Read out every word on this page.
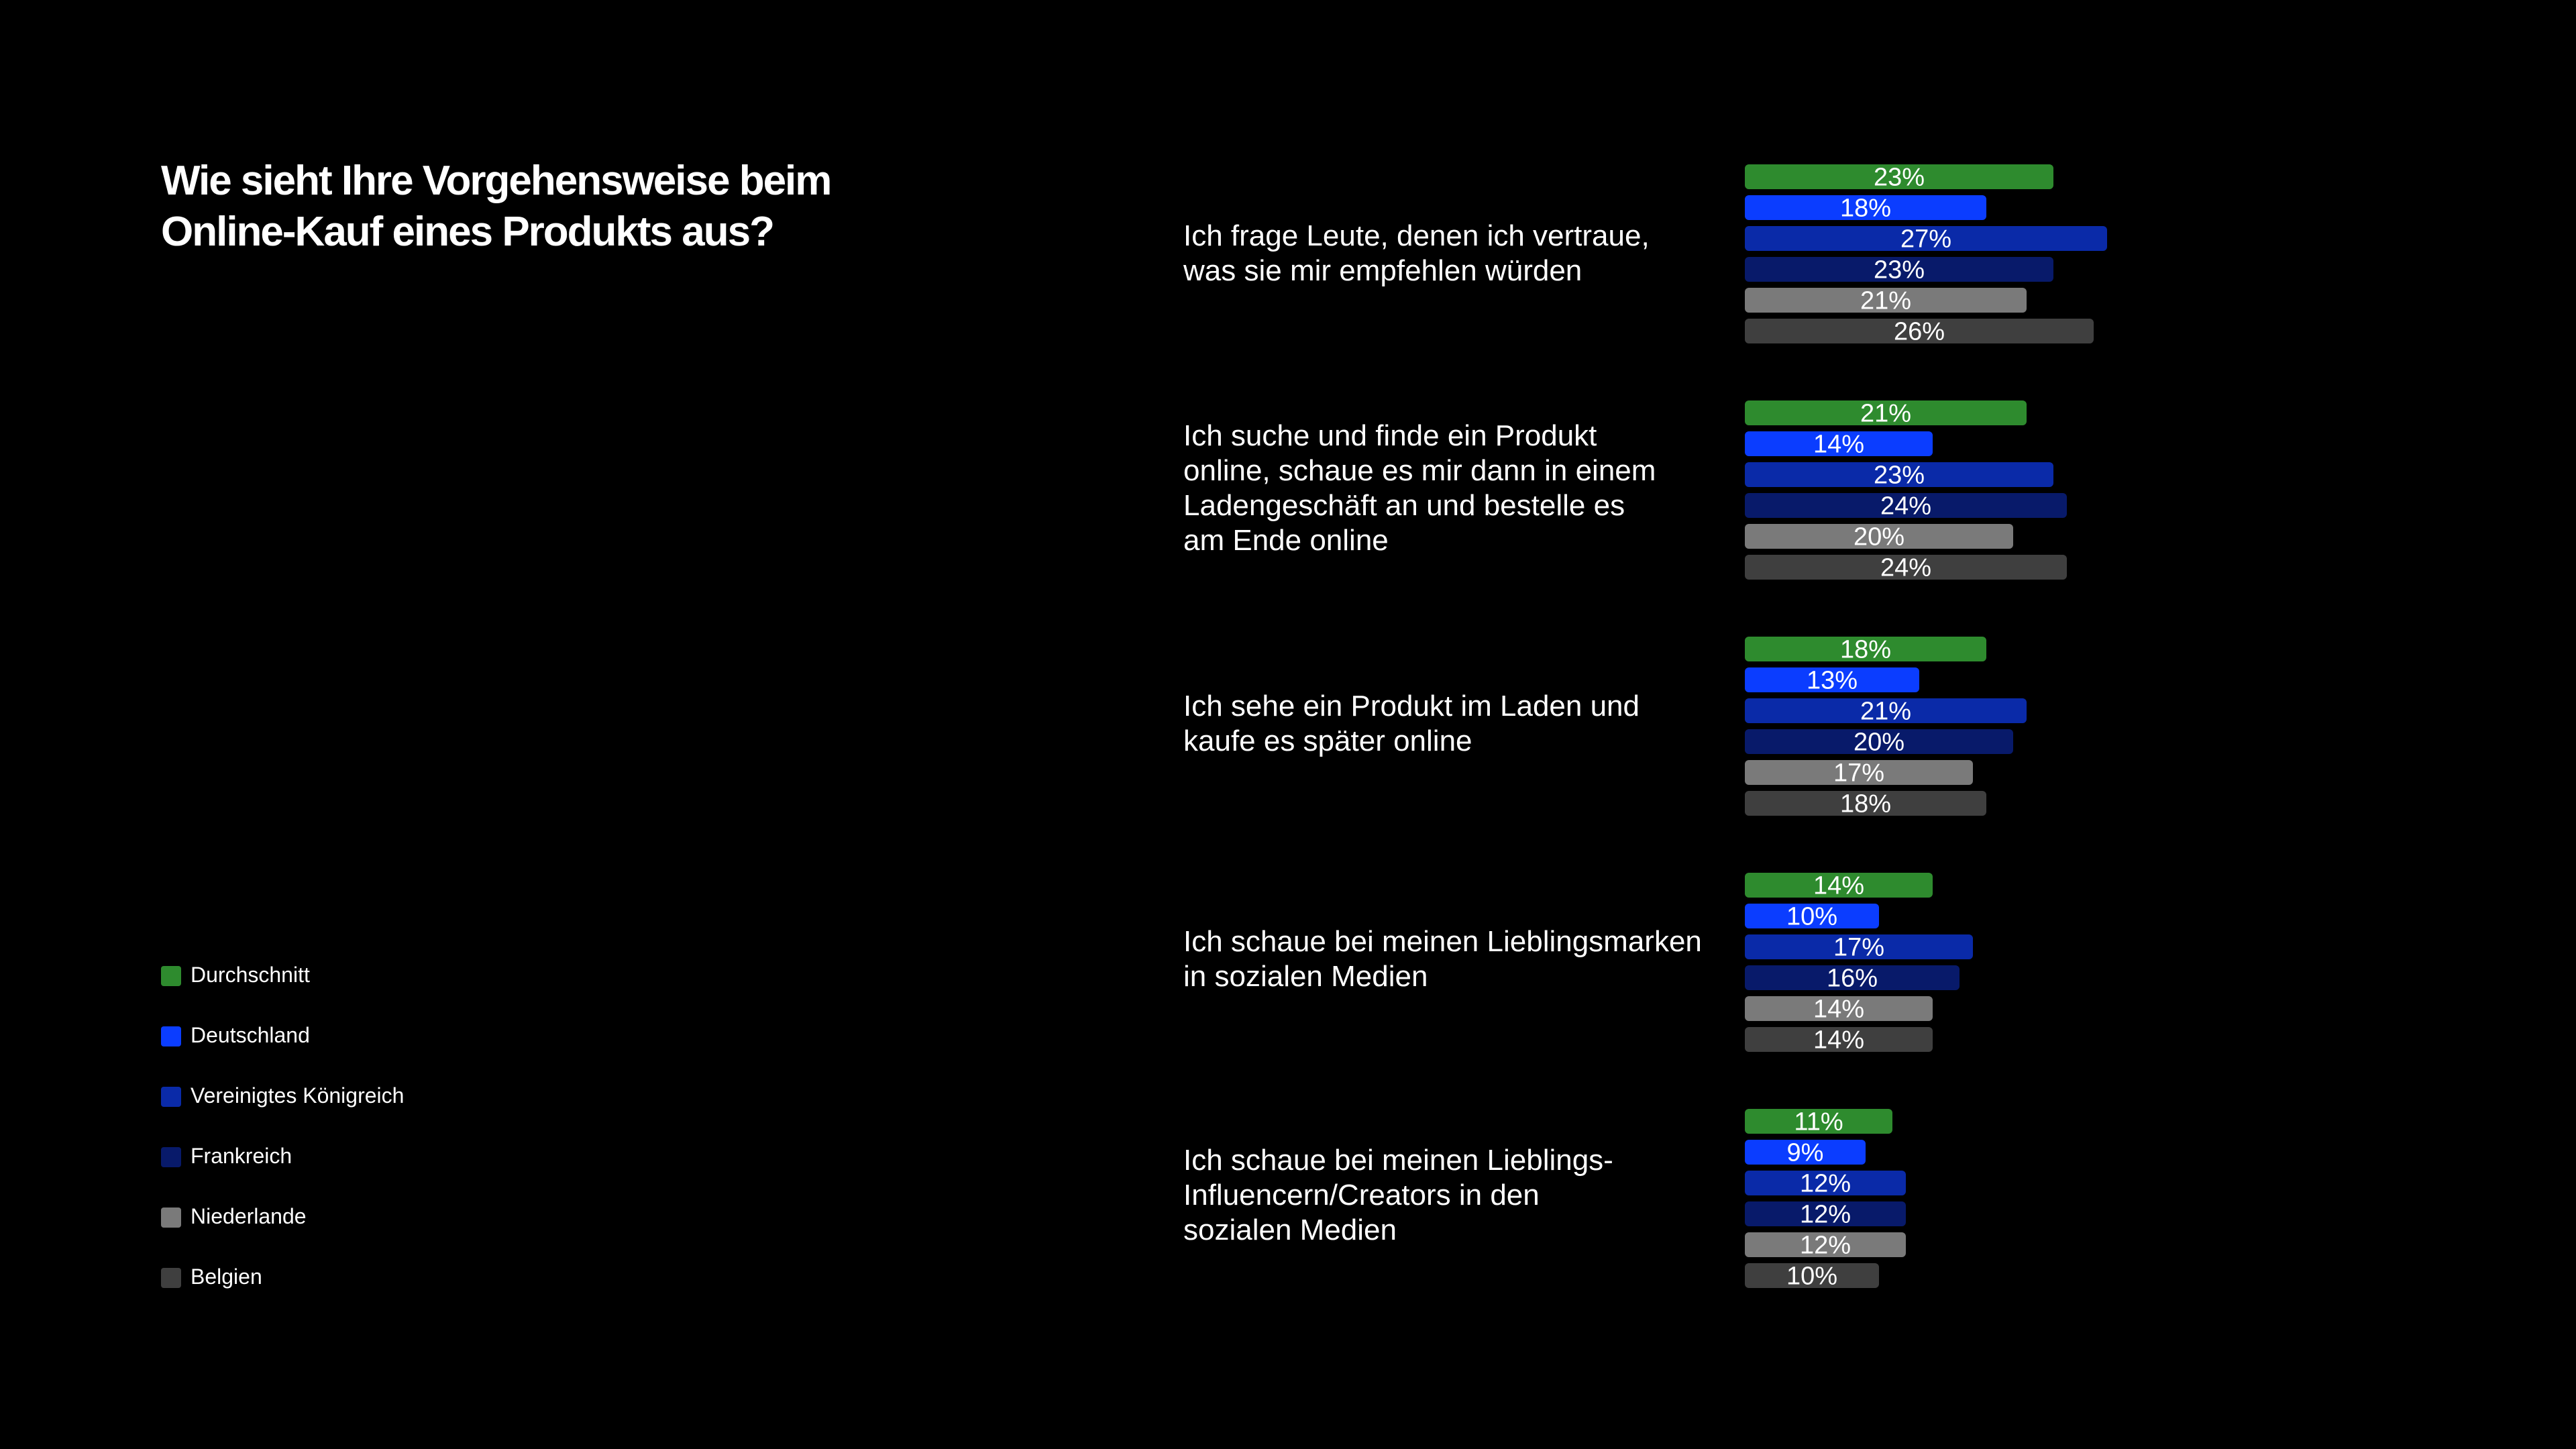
Wie sieht Ihre Vorgehensweise beim
Online-Kauf eines Produkts aus?	Ich frage Leute, denen ich vertraue,
was sie mir empfehlen würden
Ich suche und finde ein Produkt
online, schaue es mir dann in einem
Ladengeschäft an und bestelle es
am Ende online
Ich sehe ein Produkt im Laden und
kaufe es später online
Ich schaue bei meinen Lieblingsmarken
in sozialen Medien
Ich schaue bei meinen Lieblings-
Influencern/Creators in den
sozialen Medien
23%
18%
27%
23%
21%
26%
21%
14%
23%
24%
20%
24%
18%
13%
21%
20%
17%
18%
14%
10%
17%
16%
14%
14%
11%
9%
12%
12%
12%
10%
Durchschnitt
Deutschland
Vereinigtes Königreich
Frankreich
Niederlande
Belgien
